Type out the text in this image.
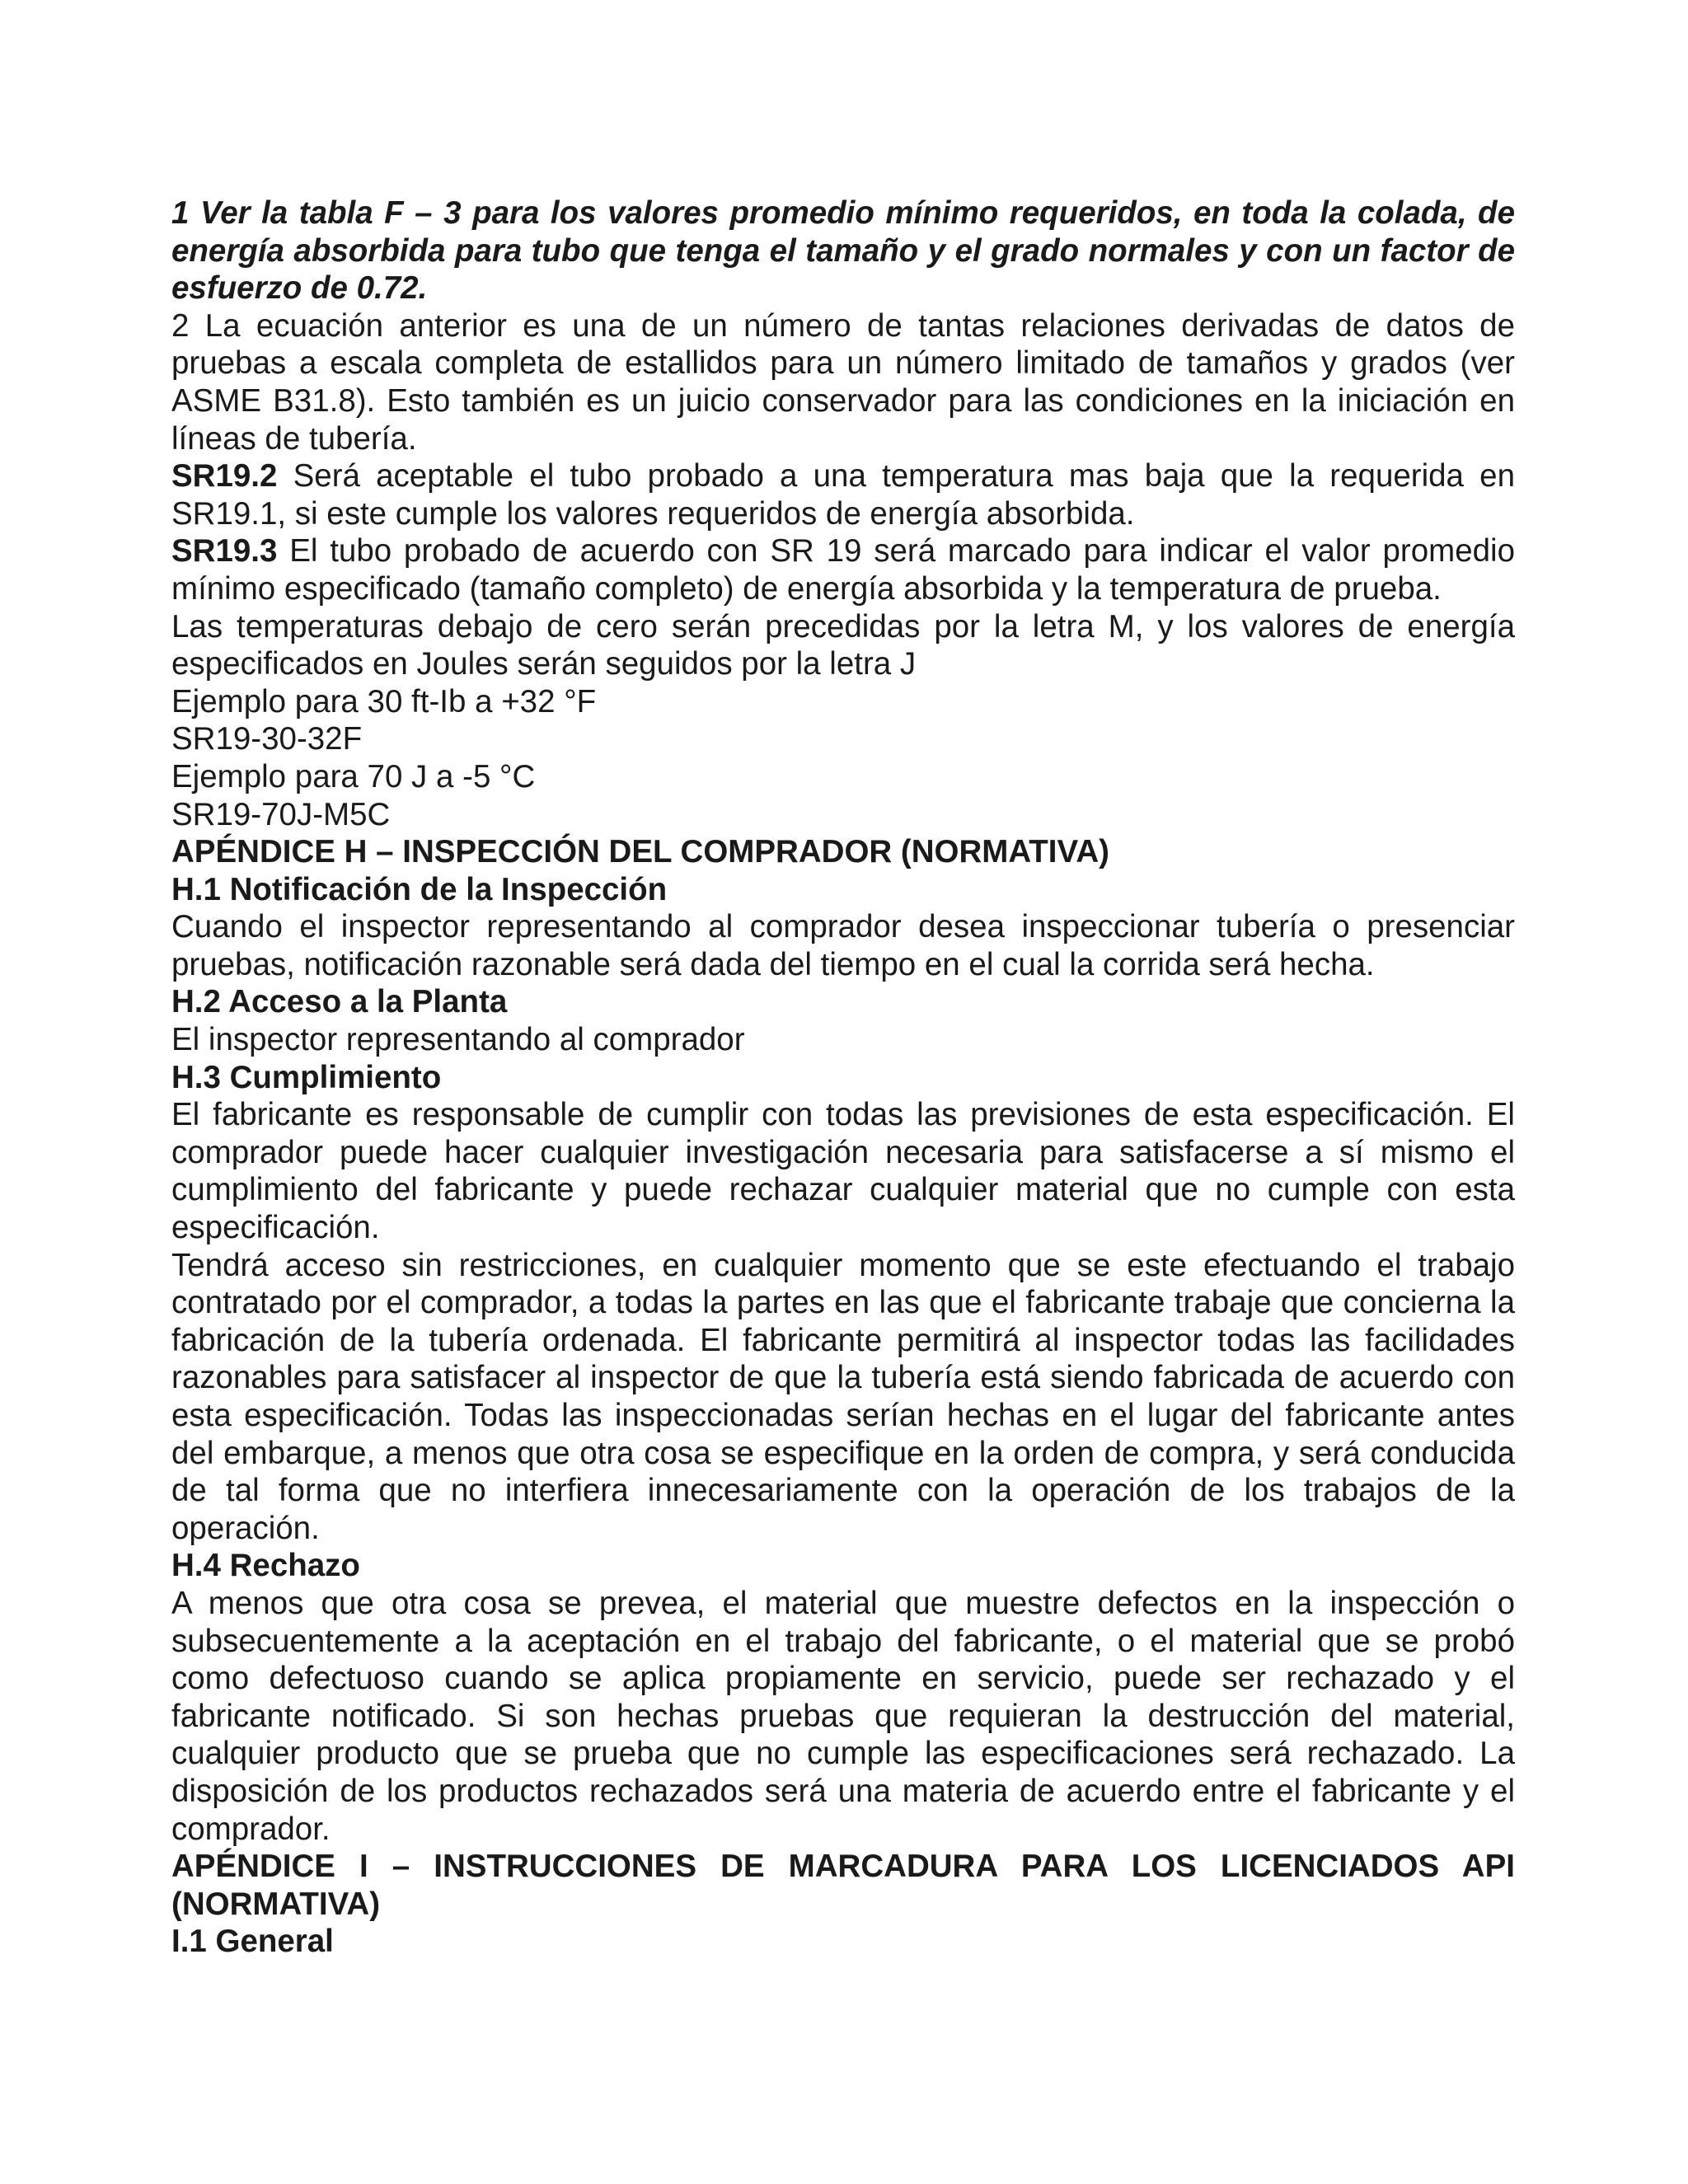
1 Ver la tabla F – 3 para los valores promedio mínimo requeridos, en toda la colada, de energía absorbida para tubo que tenga el tamaño y el grado normales y con un factor de esfuerzo de 0.72.

2 La ecuación anterior es una de un número de tantas relaciones derivadas de datos de pruebas a escala completa de estallidos para un número limitado de tamaños y grados (ver ASME B31.8). Esto también es un juicio conservador para las condiciones en la iniciación en líneas de tubería.

SR19.2 Será aceptable el tubo probado a una temperatura mas baja que la requerida en SR19.1, si este cumple los valores requeridos de energía absorbida.

SR19.3 El tubo probado de acuerdo con SR 19 será marcado para indicar el valor promedio mínimo especificado (tamaño completo) de energía absorbida y la temperatura de prueba.

Las temperaturas debajo de cero serán precedidas por la letra M, y los valores de energía especificados en Joules serán seguidos por la letra J

Ejemplo para 30 ft-Ib a +32 °F

SR19-30-32F

Ejemplo para 70 J a -5 °C

SR19-70J-M5C

APÉNDICE H – INSPECCIÓN DEL COMPRADOR (NORMATIVA)

H.1 Notificación de la Inspección

Cuando el inspector representando al comprador desea inspeccionar tubería o presenciar pruebas, notificación razonable será dada del tiempo en el cual la corrida será hecha.

H.2 Acceso a la Planta

El inspector representando al comprador

H.3 Cumplimiento

El fabricante es responsable de cumplir con todas las previsiones de esta especificación. El comprador puede hacer cualquier investigación necesaria para satisfacerse a sí mismo el cumplimiento del fabricante y puede rechazar cualquier material que no cumple con esta especificación.

Tendrá acceso sin restricciones, en cualquier momento que se este efectuando el trabajo contratado por el comprador, a todas la partes en las que el fabricante trabaje que concierna la fabricación de la tubería ordenada. El fabricante permitirá al inspector todas las facilidades razonables para satisfacer al inspector de que la tubería está siendo fabricada de acuerdo con esta especificación. Todas las inspeccionadas serían hechas en el lugar del fabricante antes del embarque, a menos que otra cosa se especifique en la orden de compra, y será conducida de tal forma que no interfiera innecesariamente con la operación de los trabajos de la operación.

H.4 Rechazo

A menos que otra cosa se prevea, el material que muestre defectos en la inspección o subsecuentemente a la aceptación en el trabajo del fabricante, o el material que se probó como defectuoso cuando se aplica propiamente en servicio, puede ser rechazado y el fabricante notificado. Si son hechas pruebas que requieran la destrucción del material, cualquier producto que se prueba que no cumple las especificaciones será rechazado. La disposición de los productos rechazados será una materia de acuerdo entre el fabricante y el comprador.

APÉNDICE I – INSTRUCCIONES DE MARCADURA PARA LOS LICENCIADOS API (NORMATIVA)

I.1 General
